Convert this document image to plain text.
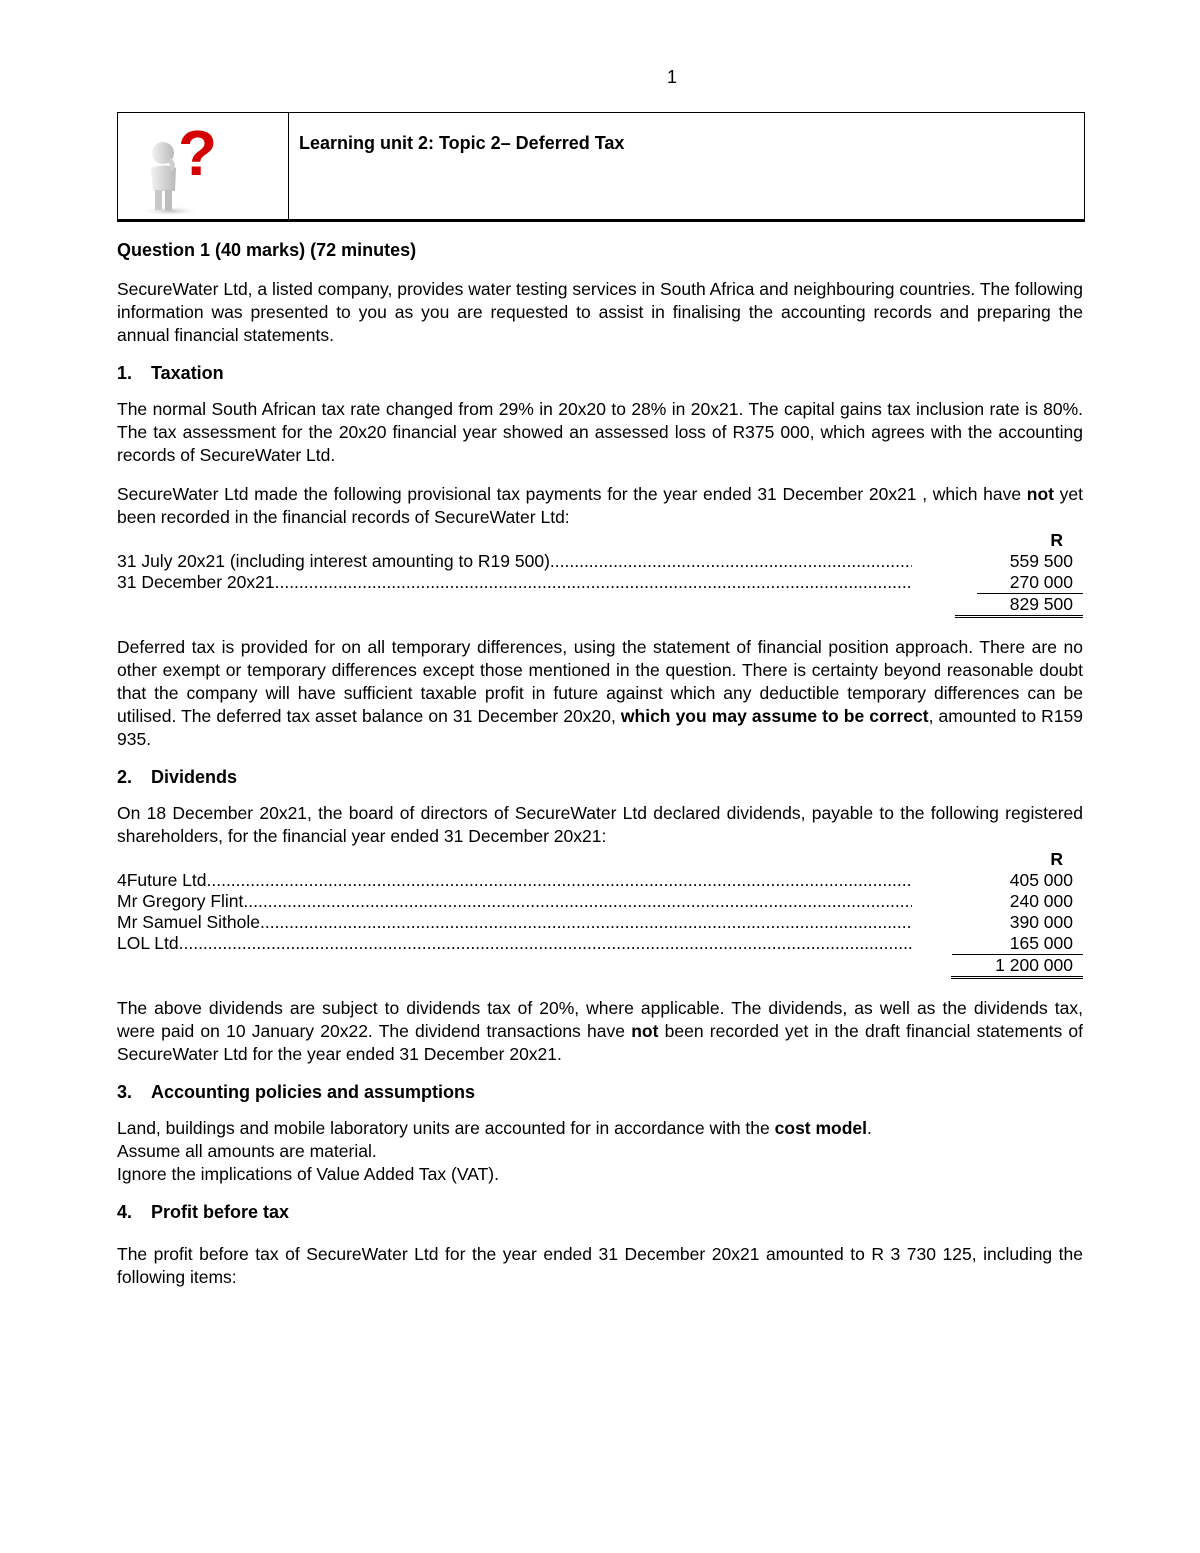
1
?	Learning unit 2: Topic 2– Deferred Tax
Question 1 (40 marks) (72 minutes)

SecureWater Ltd, a listed company, provides water testing services in South Africa and neighbouring countries. The following information was presented to you as you are requested to assist in finalising the accounting records and preparing the annual financial statements.

1. Taxation

The normal South African tax rate changed from 29% in 20x20 to 28% in 20x21. The capital gains tax inclusion rate is 80%. The tax assessment for the 20x20 financial year showed an assessed loss of R375 000, which agrees with the accounting records of SecureWater Ltd.

SecureWater Ltd made the following provisional tax payments for the year ended 31 December 20x21 , which have not yet been recorded in the financial records of SecureWater Ltd:

R
31 July 20x21 (including interest amounting to R19 500) .....	559 500
31 December 20x21 .....	270 000
829 500

Deferred tax is provided for on all temporary differences, using the statement of financial position approach. There are no other exempt or temporary differences except those mentioned in the question. There is certainty beyond reasonable doubt that the company will have sufficient taxable profit in future against which any deductible temporary differences can be utilised. The deferred tax asset balance on 31 December 20x20, which you may assume to be correct, amounted to R159 935.

2. Dividends

On 18 December 20x21, the board of directors of SecureWater Ltd declared dividends, payable to the following registered shareholders, for the financial year ended 31 December 20x21:

R
4Future Ltd .....	405 000
Mr Gregory Flint .....	240 000
Mr Samuel Sithole .....	390 000
LOL Ltd .....	165 000
1 200 000

The above dividends are subject to dividends tax of 20%, where applicable. The dividends, as well as the dividends tax, were paid on 10 January 20x22. The dividend transactions have not been recorded yet in the draft financial statements of SecureWater Ltd for the year ended 31 December 20x21.

3. Accounting policies and assumptions
Land, buildings and mobile laboratory units are accounted for in accordance with the cost model.
Assume all amounts are material.
Ignore the implications of Value Added Tax (VAT).
4. Profit before tax

The profit before tax of SecureWater Ltd for the year ended 31 December 20x21 amounted to R 3 730 125, including the following items:
